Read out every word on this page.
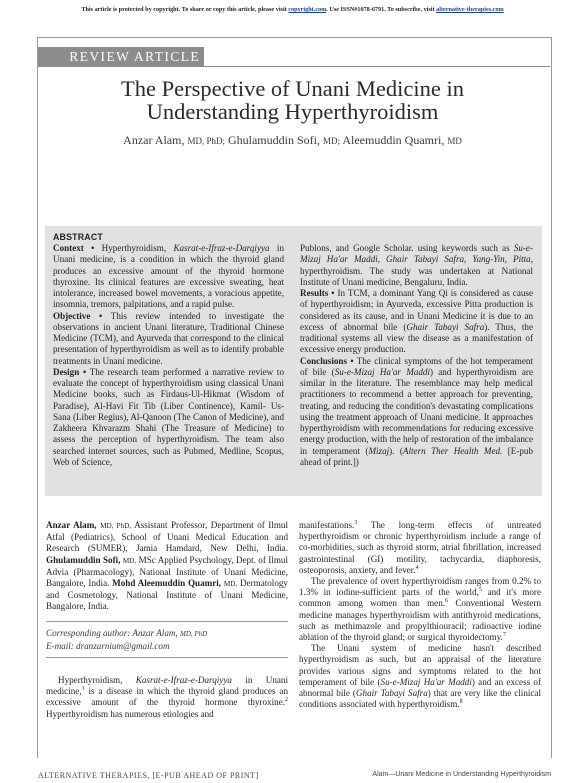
This article is protected by copyright. To share or copy this article, please visit copyright.com. Use ISSN#1078-6791. To subscribe, visit alternative-therapies.com
REVIEW ARTICLE
The Perspective of Unani Medicine in
Understanding Hyperthyroidism
Anzar Alam, MD, PhD; Ghulamuddin Sofi, MD; Aleemuddin Quamri, MD
ABSTRACT

Context • Hyperthyroidism, Kasrat-e-Ifraz-e-Darqiyya in Unani medicine, is a condition in which the thyroid gland produces an excessive amount of the thyroid hormone thyroxine. Its clinical features are excessive sweating, heat intolerance, increased bowel movements, a voracious appetite, insomnia, tremors, palpitations, and a rapid pulse.

Objective • This review intended to investigate the observations in ancient Unani literature, Traditional Chinese Medicine (TCM), and Ayurveda that correspond to the clinical presentation of hyperthyroidism as well as to identify probable treatments in Unani medicine.

Design • The research team performed a narrative review to evaluate the concept of hyperthyroidism using classical Unani Medicine books, such as Firdaus-Ul-Hikmat (Wisdom of Paradise), Al-Havi Fit Tib (Liber Continence), Kamil- Us- Sana (Liber Regius), Al-Qanoon (The Canon of Medicine), and Zakheera Khvarazm Shahi (The Treasure of Medicine) to assess the perception of hyperthyroidism. The team also searched internet sources, such as Pubmed, Medline, Scopus, Web of Science,

Publons, and Google Scholar. using keywords such as Su-e-Mizaj Ha'ar Maddi, Ghair Tabayi Safra, Yang-Yin, Pitta, hyperthyroidism. The study was undertaken at National Institute of Unani medicine, Bengaluru, India.

Results • In TCM, a dominant Yang Qi is considered as cause of hyperthyroidism; in Ayurveda, excessive Pitta production is considered as its cause, and in Unani Medicine it is due to an excess of abnormal bile (Ghair Tabayi Safra). Thus, the traditional systems all view the disease as a manifestation of excessive energy production.

Conclusions • The clinical symptoms of the hot temperament of bile (Su-e-Mizaj Ha'ar Maddi) and hyperthyroidism are similar in the literature. The resemblance may help medical practitioners to recommend a better approach for preventing, treating, and reducing the condition's devastating complications using the treatment approach of Unani medicine. It approaches hyperthyroidism with recommendations for reducing excessive energy production, with the help of restoration of the imbalance in temperament (Mizaj). (Altern Ther Health Med. [E-pub ahead of print.])

Anzar Alam, MD, PhD, Assistant Professor, Department of Ilmul Atfal (Pediatrics), School of Unani Medical Education and Research (SUMER), Jamia Hamdard, New Delhi, India. Ghulamuddin Sofi, MD, MSc Applied Psychology, Dept. of Ilmul Advia (Pharmacology), National Institute of Unani Medicine, Bangalore, India. Mohd Aleemuddin Quamri, MD, Dermatology and Cosmetology, National Institute of Unani Medicine, Bangalore, India.

Corresponding author: Anzar Alam, MD, PhD
E-mail: dranzarnium@gmail.com

Hyperthyroidism, Kasrat-e-Ifraz-e-Darqiyya in Unani medicine,$^1$ is a disease in which the thyroid gland produces an excessive amount of the thyroid hormone thyroxine.$^2$ Hyperthyroidism has numerous etiologies and

manifestations.$^3$ The long-term effects of untreated hyperthyroidism or chronic hyperthyroidism include a range of co-morbidities, such as thyroid storm, atrial fibrillation, increased gastrointestinal (GI) motility, tachycardia, diaphoresis, osteoporosis, anxiety, and fever.$^4$

The prevalence of overt hyperthyroidism ranges from 0.2% to 1.3% in iodine-sufficient parts of the world,$^5$ and it's more common among women than men.$^6$ Conventional Western medicine manages hyperthyroidism with antithyroid medications, such as methimazole and propylthiouracil; radioactive iodine ablation of the thyroid gland; or surgical thyroidectomy.$^7$

The Unani system of medicine hasn't described hyperthyroidism as such, but an appraisal of the literature provides various signs and symptoms related to the hot temperament of bile (Su-e-Mizaj Ha'ar Maddi) and an excess of abnormal bile (Ghair Tabayi Safra) that are very like the clinical conditions associated with hyperthyroidism.$^8$

ALTERNATIVE THERAPIES, [E-PUB AHEAD OF PRINT]	Alam—Unani Medicine in Understanding Hyperthyroidism
